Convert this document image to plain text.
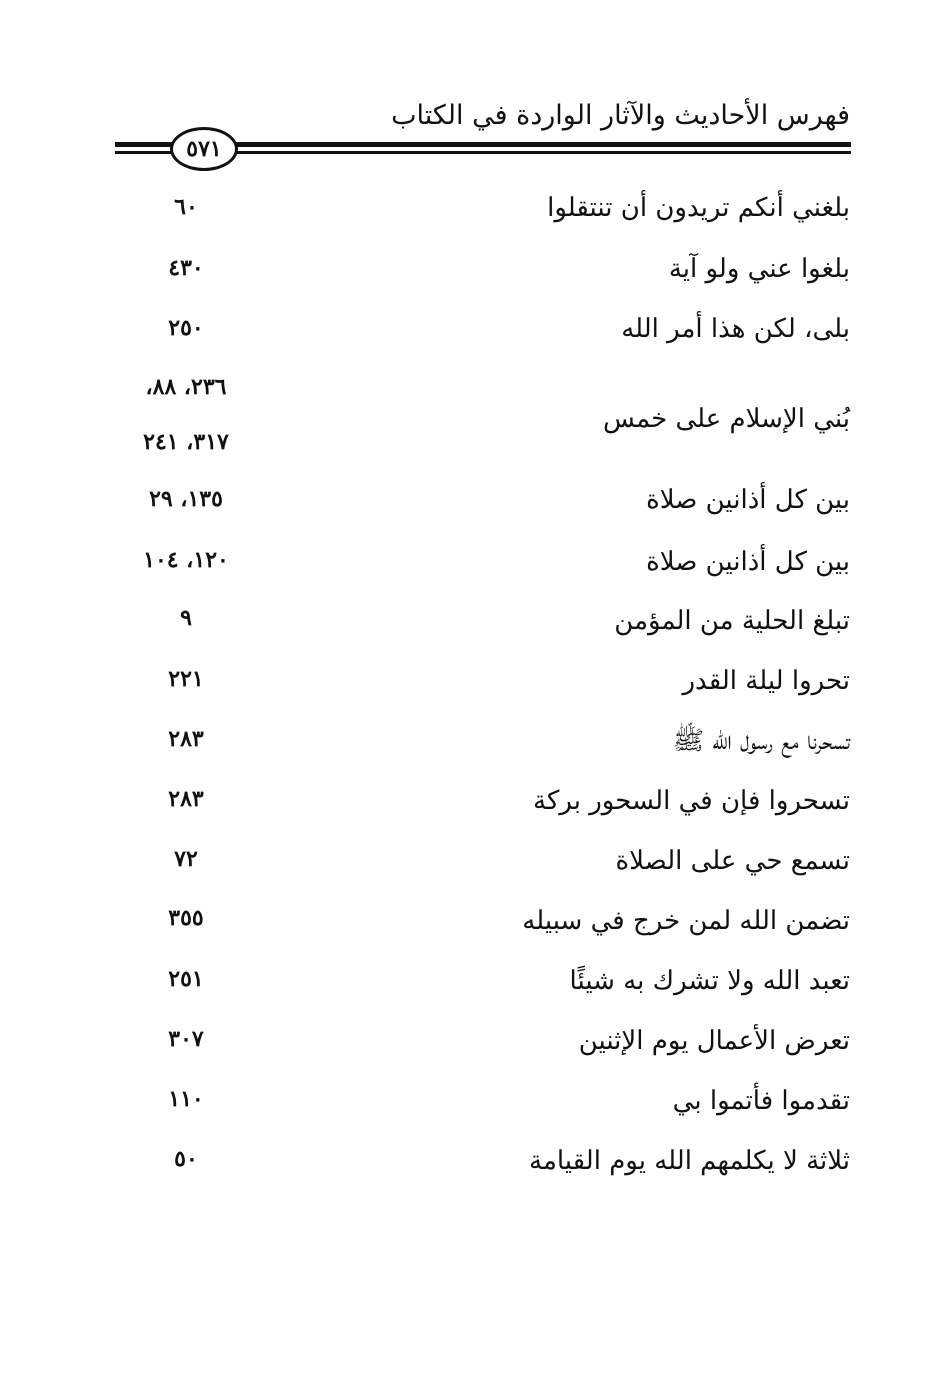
فهرس الأحاديث والآثار الواردة في الكتاب
٥٧١
بلغني أنكم تريدون أن تنتقلوا
٦٠
بلغوا عني ولو آية
٤٣٠
بلى، لكن هذا أمر الله
٢٥٠
٢٣٦، ٨٨،
بُني الإسلام على خمس
٣١٧، ٢٤١
بين كل أذانين صلاة
١٣٥، ٢٩
بين كل أذانين صلاة
١٢٠، ١٠٤
تبلغ الحلية من المؤمن
٩
تحروا ليلة القدر
٢٢١
تسحرنا مع رسول الله ﷺ
٢٨٣
تسحروا فإن في السحور بركة
٢٨٣
تسمع حي على الصلاة
٧٢
تضمن الله لمن خرج في سبيله
٣٥٥
تعبد الله ولا تشرك به شيئًا
٢٥١
تعرض الأعمال يوم الإثنين
٣٠٧
تقدموا فأتموا بي
١١٠
ثلاثة لا يكلمهم الله يوم القيامة
٥٠
